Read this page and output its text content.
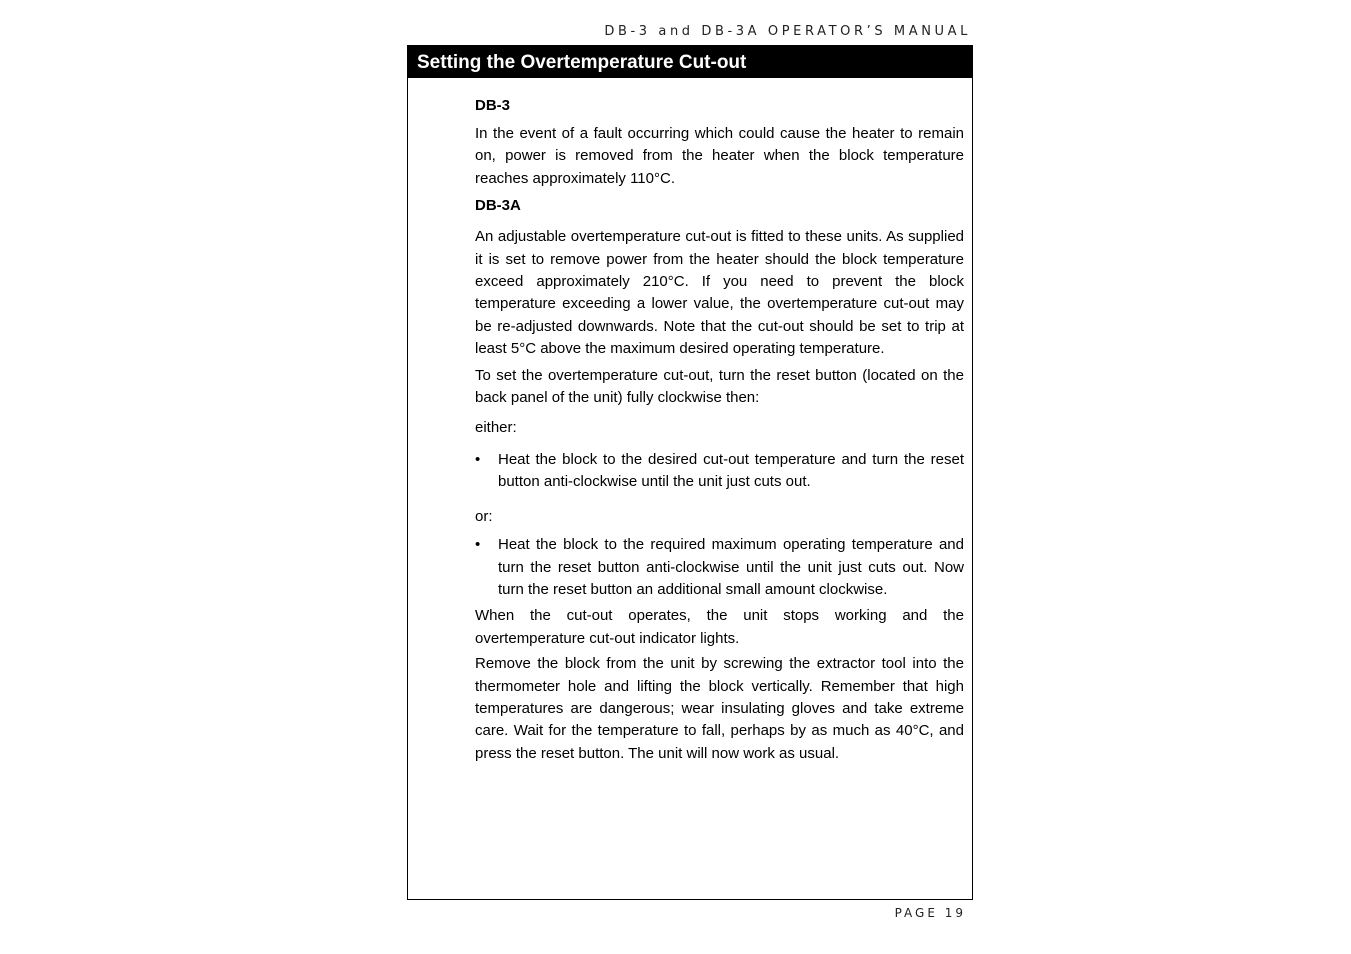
DB-3 and DB-3A OPERATOR’S MANUAL
Setting the Overtemperature Cut-out
DB-3

In the event of a fault occurring which could cause the heater to remain on, power is removed from the heater when the block temperature reaches approximately 110°C.

DB-3A

An adjustable overtemperature cut-out is fitted to these units. As supplied it is set to remove power from the heater should the block temperature exceed approximately 210°C. If you need to prevent the block temperature exceeding a lower value, the overtemperature cut-out may be re-adjusted downwards. Note that the cut-out should be set to trip at least 5°C above the maximum desired operating temperature.

To set the overtemperature cut-out, turn the reset button (located on the back panel of the unit) fully clockwise then:

either:

•	Heat the block to the desired cut-out temperature and turn the reset button anti-clockwise until the unit just cuts out.

or:

•	Heat the block to the required maximum operating temperature and turn the reset button anti-clockwise until the unit just cuts out. Now turn the reset button an additional small amount clockwise.

When the cut-out operates, the unit stops working and the overtemperature cut-out indicator lights.

Remove the block from the unit by screwing the extractor tool into the thermometer hole and lifting the block vertically. Remember that high temperatures are dangerous; wear insulating gloves and take extreme care. Wait for the temperature to fall, perhaps by as much as 40°C, and press the reset button. The unit will now work as usual.

PAGE 19
